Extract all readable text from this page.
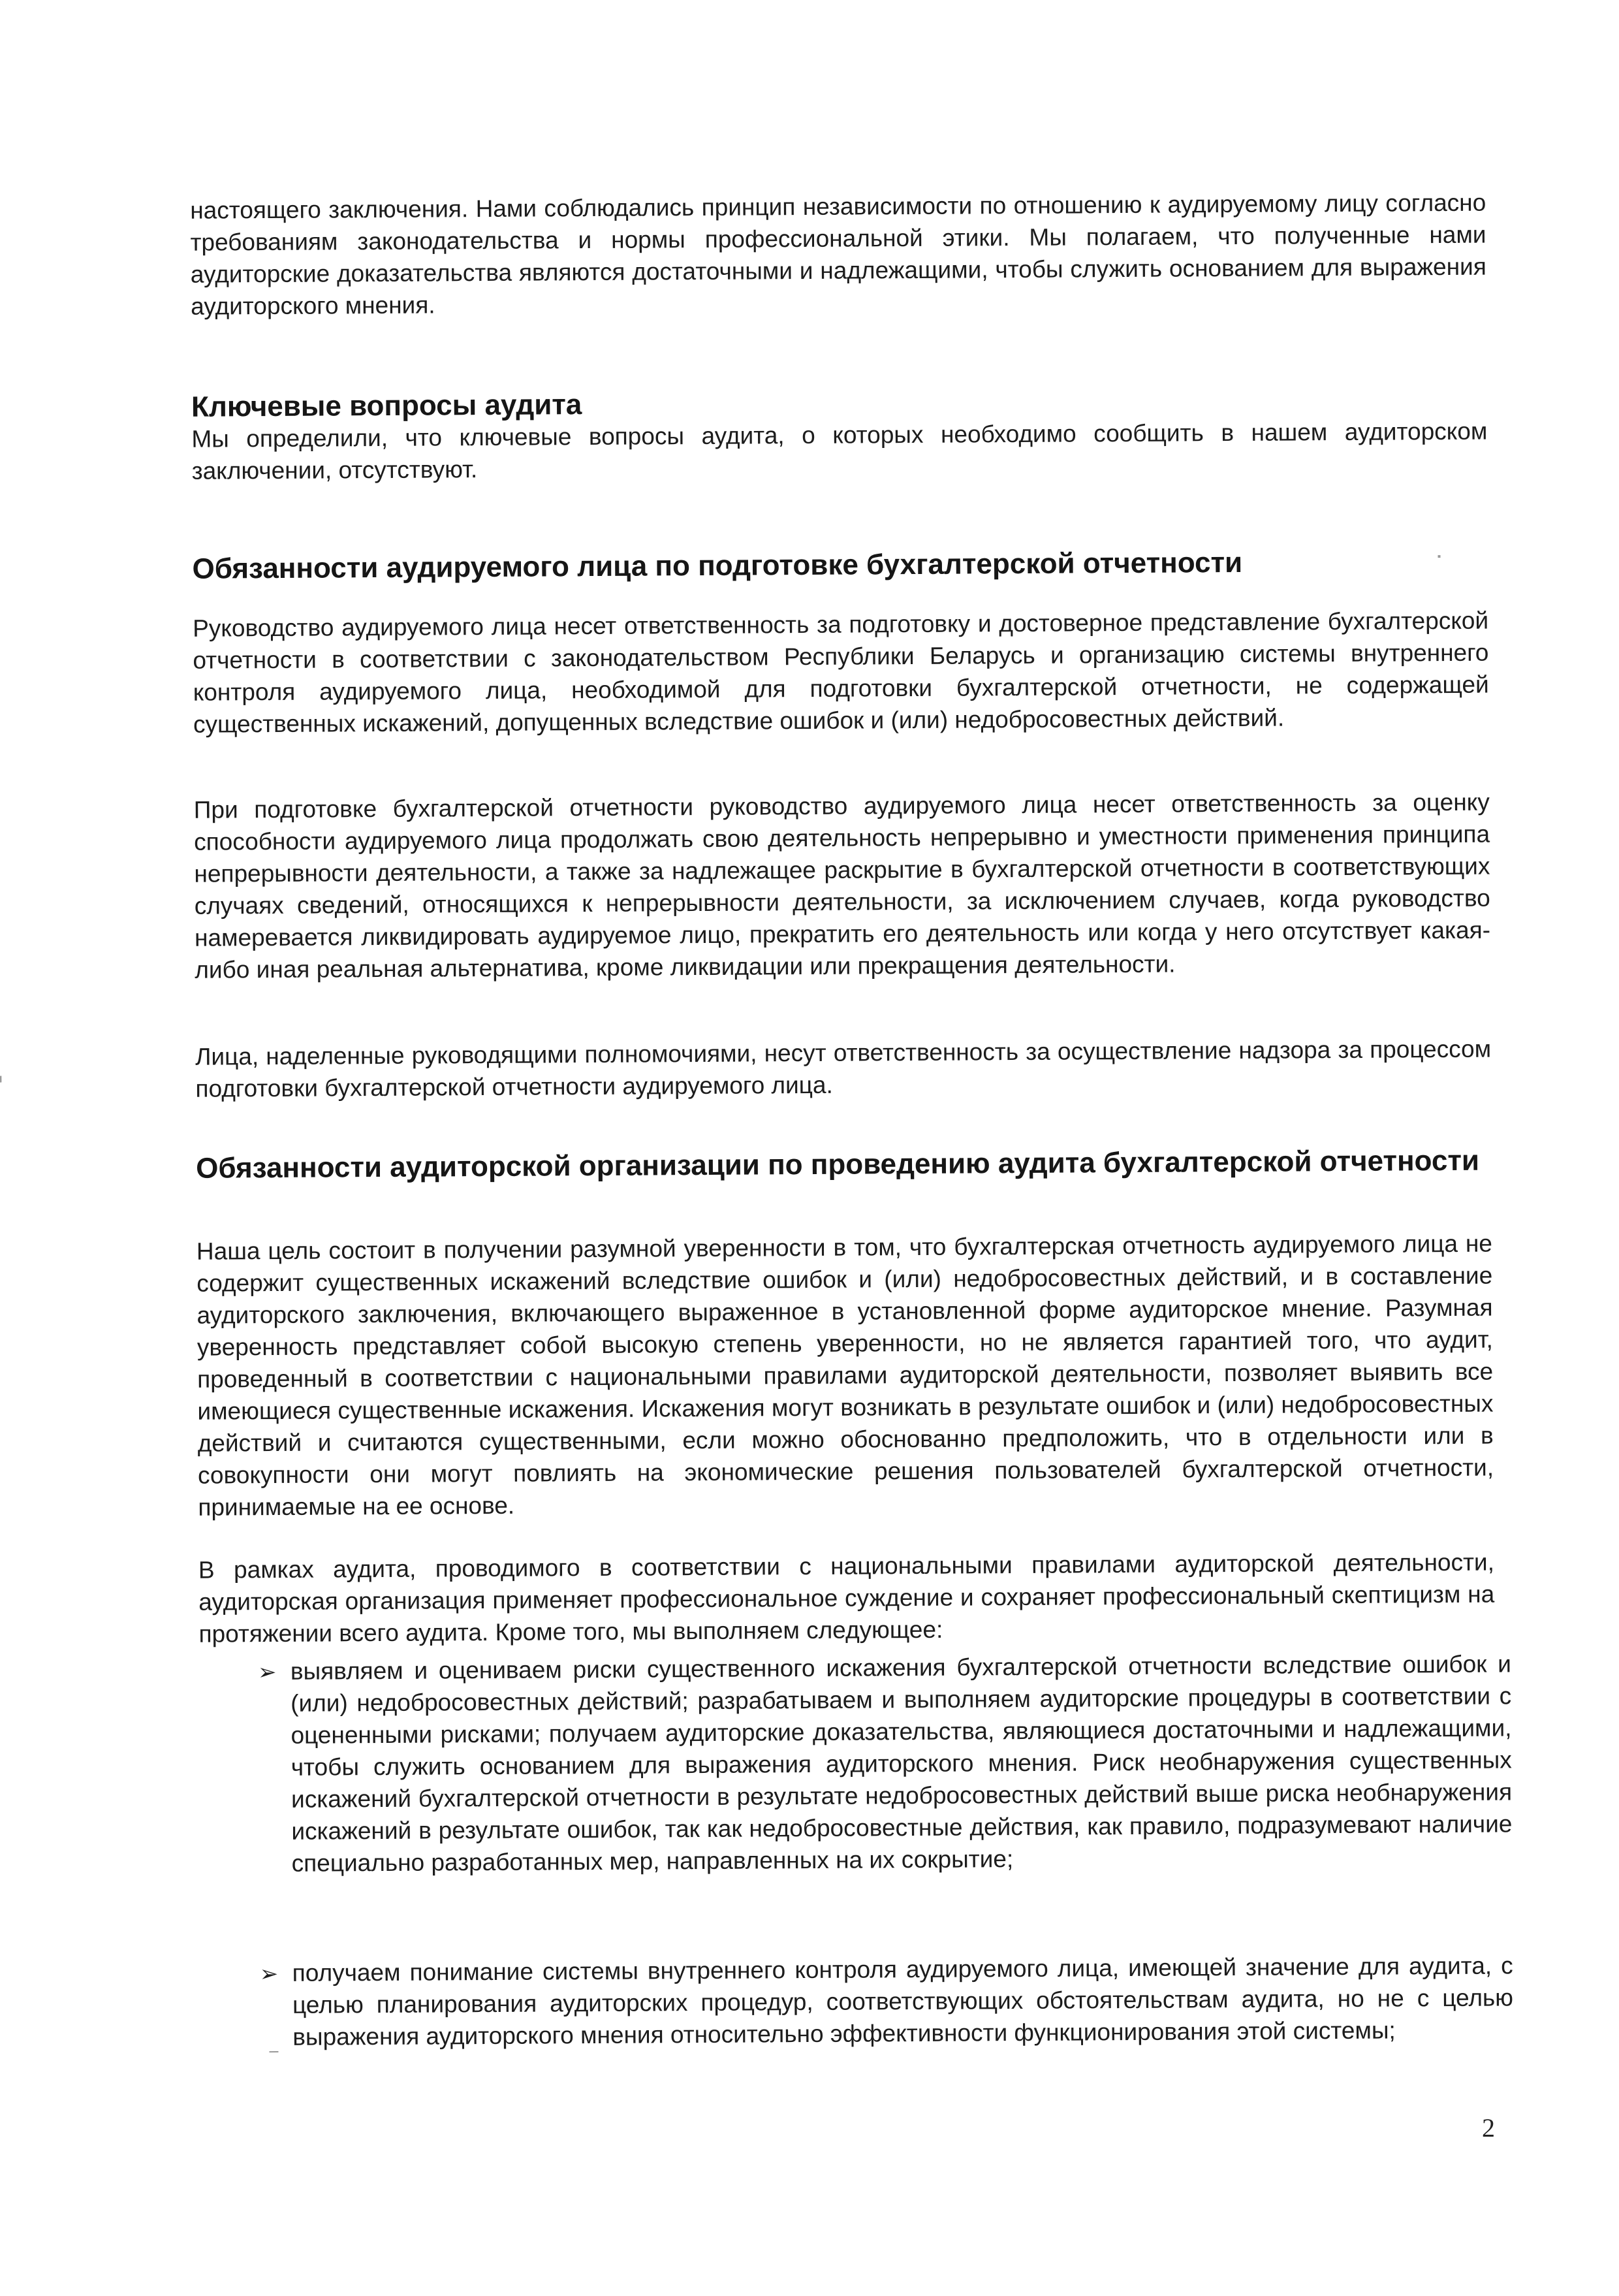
настоящего заключения. Нами соблюдались принцип независимости по отношению к аудируемому лицу согласно требованиям законодательства и нормы профессиональной этики. Мы полагаем, что полученные нами аудиторские доказательства являются достаточными и надлежащими, чтобы служить основанием для выражения аудиторского мнения.

Ключевые вопросы аудита

Мы определили, что ключевые вопросы аудита, о которых необходимо сообщить в нашем аудиторском заключении, отсутствуют.

Обязанности аудируемого лица по подготовке бухгалтерской отчетности

Руководство аудируемого лица несет ответственность за подготовку и достоверное представление бухгалтерской отчетности в соответствии с законодательством Республики Беларусь и организацию системы внутреннего контроля аудируемого лица, необходимой для подготовки бухгалтерской отчетности, не содержащей существенных искажений, допущенных вследствие ошибок и (или) недобросовестных действий.

При подготовке бухгалтерской отчетности руководство аудируемого лица несет ответственность за оценку способности аудируемого лица продолжать свою деятельность непрерывно и уместности применения принципа непрерывности деятельности, а также за надлежащее раскрытие в бухгалтерской отчетности в соответствующих случаях сведений, относящихся к непрерывности деятельности, за исключением случаев, когда руководство намеревается ликвидировать аудируемое лицо, прекратить его деятельность или когда у него отсутствует какая-либо иная реальная альтернатива, кроме ликвидации или прекращения деятельности.

Лица, наделенные руководящими полномочиями, несут ответственность за осуществление надзора за процессом подготовки бухгалтерской отчетности аудируемого лица.

Обязанности аудиторской организации по проведению аудита бухгалтерской отчетности

Наша цель состоит в получении разумной уверенности в том, что бухгалтерская отчетность аудируемого лица не содержит существенных искажений вследствие ошибок и (или) недобросовестных действий, и в составление аудиторского заключения, включающего выраженное в установленной форме аудиторское мнение. Разумная уверенность представляет собой высокую степень уверенности, но не является гарантией того, что аудит, проведенный в соответствии с национальными правилами аудиторской деятельности, позволяет выявить все имеющиеся существенные искажения. Искажения могут возникать в результате ошибок и (или) недобросовестных действий и считаются существенными, если можно обоснованно предположить, что в отдельности или в совокупности они могут повлиять на экономические решения пользователей бухгалтерской отчетности, принимаемые на ее основе.

В рамках аудита, проводимого в соответствии с национальными правилами аудиторской деятельности, аудиторская организация применяет профессиональное суждение и сохраняет профессиональный скептицизм на протяжении всего аудита. Кроме того, мы выполняем следующее:

➢ выявляем и оцениваем риски существенного искажения бухгалтерской отчетности вследствие ошибок и (или) недобросовестных действий; разрабатываем и выполняем аудиторские процедуры в соответствии с оцененными рисками; получаем аудиторские доказательства, являющиеся достаточными и надлежащими, чтобы служить основанием для выражения аудиторского мнения. Риск необнаружения существенных искажений бухгалтерской отчетности в результате недобросовестных действий выше риска необнаружения искажений в результате ошибок, так как недобросовестные действия, как правило, подразумевают наличие специально разработанных мер, направленных на их сокрытие;

➢ получаем понимание системы внутреннего контроля аудируемого лица, имеющей значение для аудита, с целью планирования аудиторских процедур, соответствующих обстоятельствам аудита, но не с целью выражения аудиторского мнения относительно эффективности функционирования этой системы;

2
